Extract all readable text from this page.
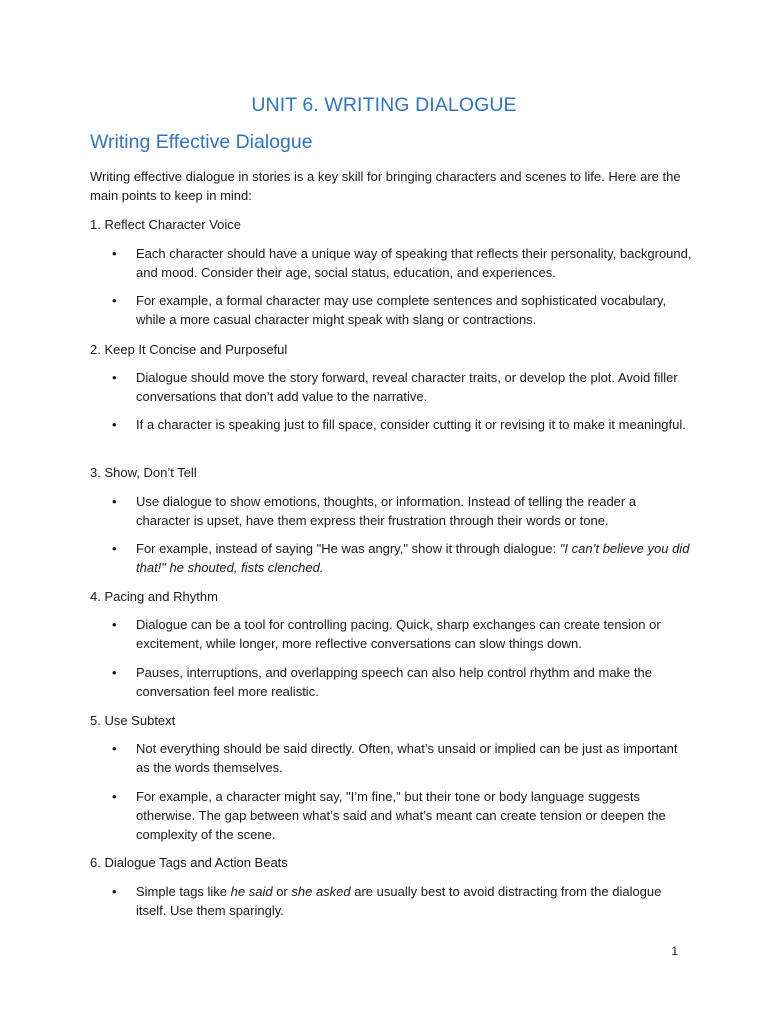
UNIT 6. WRITING DIALOGUE
Writing Effective Dialogue

Writing effective dialogue in stories is a key skill for bringing characters and scenes to life. Here are the main points to keep in mind:

1. Reflect Character Voice
•	Each character should have a unique way of speaking that reflects their personality, background, and mood. Consider their age, social status, education, and experiences.
•	For example, a formal character may use complete sentences and sophisticated vocabulary, while a more casual character might speak with slang or contractions.
2. Keep It Concise and Purposeful
•	Dialogue should move the story forward, reveal character traits, or develop the plot. Avoid filler conversations that don’t add value to the narrative.
•	If a character is speaking just to fill space, consider cutting it or revising it to make it meaningful.
3. Show, Don’t Tell
•	Use dialogue to show emotions, thoughts, or information. Instead of telling the reader a character is upset, have them express their frustration through their words or tone.
•	For example, instead of saying "He was angry," show it through dialogue: "I can’t believe you did that!" he shouted, fists clenched.
4. Pacing and Rhythm
•	Dialogue can be a tool for controlling pacing. Quick, sharp exchanges can create tension or excitement, while longer, more reflective conversations can slow things down.
•	Pauses, interruptions, and overlapping speech can also help control rhythm and make the conversation feel more realistic.
5. Use Subtext
•	Not everything should be said directly. Often, what’s unsaid or implied can be just as important as the words themselves.
•	For example, a character might say, "I’m fine," but their tone or body language suggests otherwise. The gap between what’s said and what’s meant can create tension or deepen the complexity of the scene.
6. Dialogue Tags and Action Beats
•	Simple tags like he said or she asked are usually best to avoid distracting from the dialogue itself. Use them sparingly.
1
